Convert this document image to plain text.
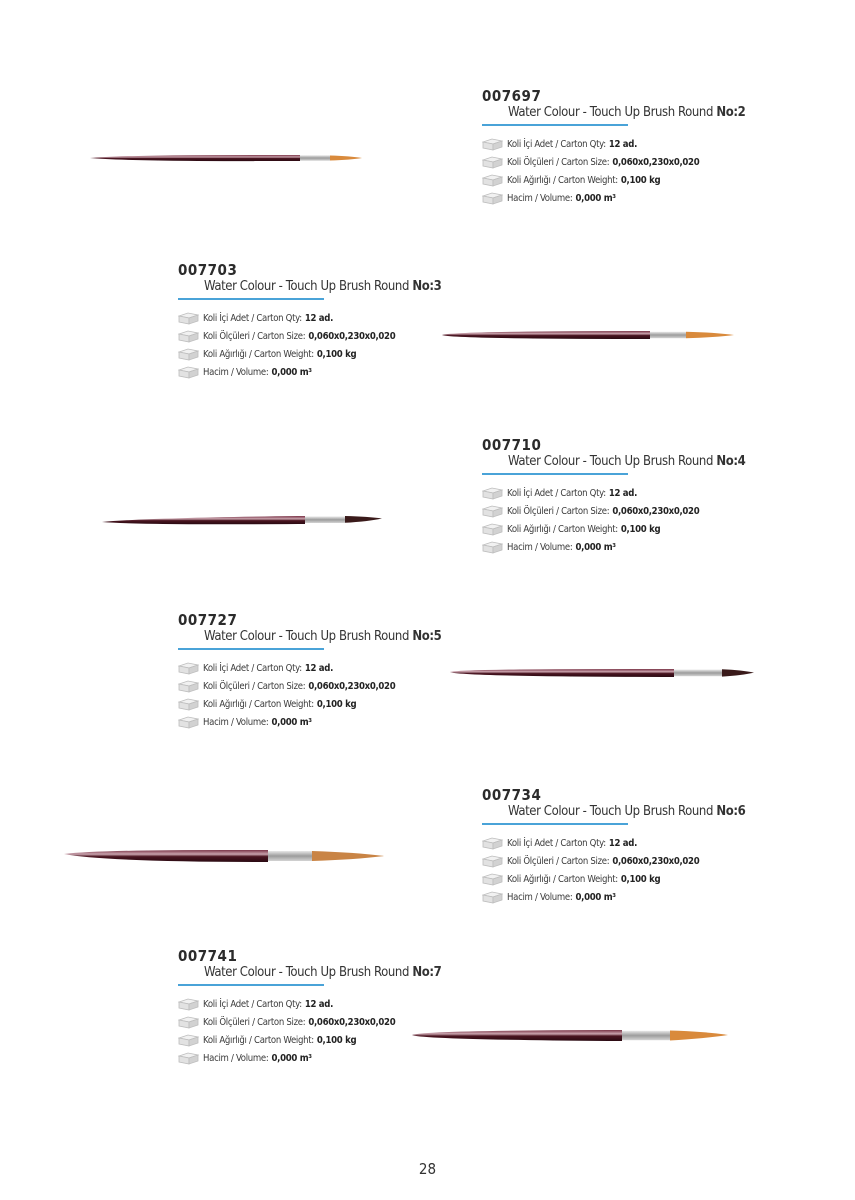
007697
Water Colour - Touch Up Brush Round No:2
Koli İçi Adet / Carton Qty: 12 ad.
Koli Ölçüleri / Carton Size: 0,060x0,230x0,020
Koli Ağırlığı / Carton Weight: 0,100 kg
Hacim / Volume: 0,000 m³
007703
Water Colour - Touch Up Brush Round No:3
Koli İçi Adet / Carton Qty: 12 ad.
Koli Ölçüleri / Carton Size: 0,060x0,230x0,020
Koli Ağırlığı / Carton Weight: 0,100 kg
Hacim / Volume: 0,000 m³
007710
Water Colour - Touch Up Brush Round No:4
Koli İçi Adet / Carton Qty: 12 ad.
Koli Ölçüleri / Carton Size: 0,060x0,230x0,020
Koli Ağırlığı / Carton Weight: 0,100 kg
Hacim / Volume: 0,000 m³
007727
Water Colour - Touch Up Brush Round No:5
Koli İçi Adet / Carton Qty: 12 ad.
Koli Ölçüleri / Carton Size: 0,060x0,230x0,020
Koli Ağırlığı / Carton Weight: 0,100 kg
Hacim / Volume: 0,000 m³
007734
Water Colour - Touch Up Brush Round No:6
Koli İçi Adet / Carton Qty: 12 ad.
Koli Ölçüleri / Carton Size: 0,060x0,230x0,020
Koli Ağırlığı / Carton Weight: 0,100 kg
Hacim / Volume: 0,000 m³
007741
Water Colour - Touch Up Brush Round No:7
Koli İçi Adet / Carton Qty: 12 ad.
Koli Ölçüleri / Carton Size: 0,060x0,230x0,020
Koli Ağırlığı / Carton Weight: 0,100 kg
Hacim / Volume: 0,000 m³
28
